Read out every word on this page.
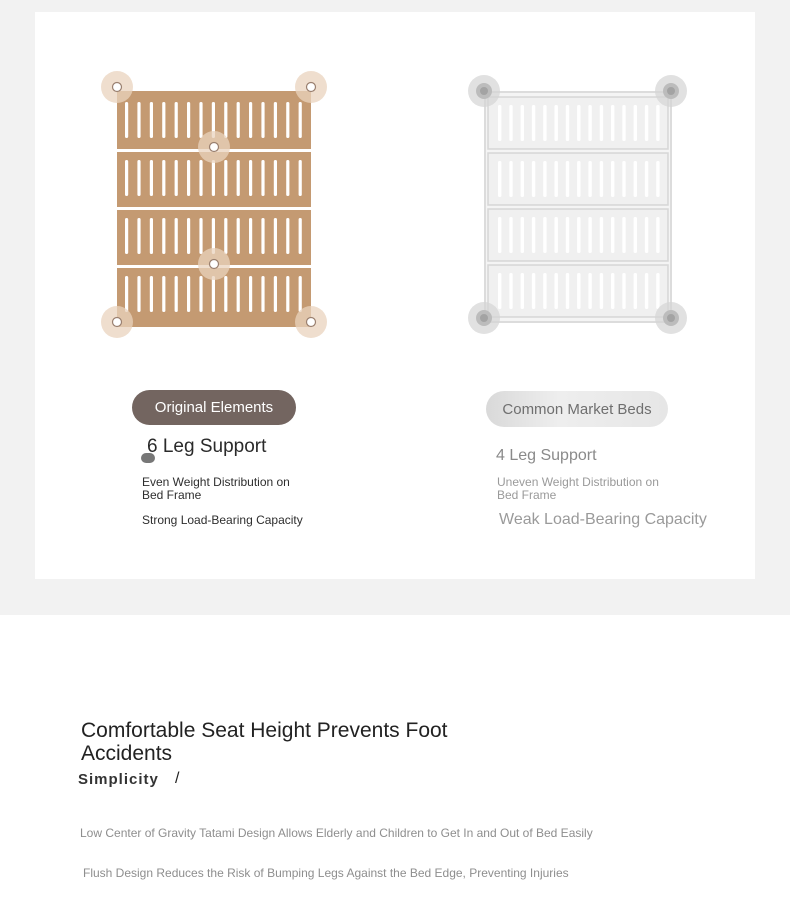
Original Elements
6 Leg Support
Even Weight Distribution on Bed Frame
Strong Load-Bearing Capacity
Common Market Beds
4 Leg Support
Uneven Weight Distribution on Bed Frame
Weak Load-Bearing Capacity
Comfortable Seat Height Prevents Foot Accidents
Simplicity /
Low Center of Gravity Tatami Design Allows Elderly and Children to Get In and Out of Bed Easily
Flush Design Reduces the Risk of Bumping Legs Against the Bed Edge, Preventing Injuries
